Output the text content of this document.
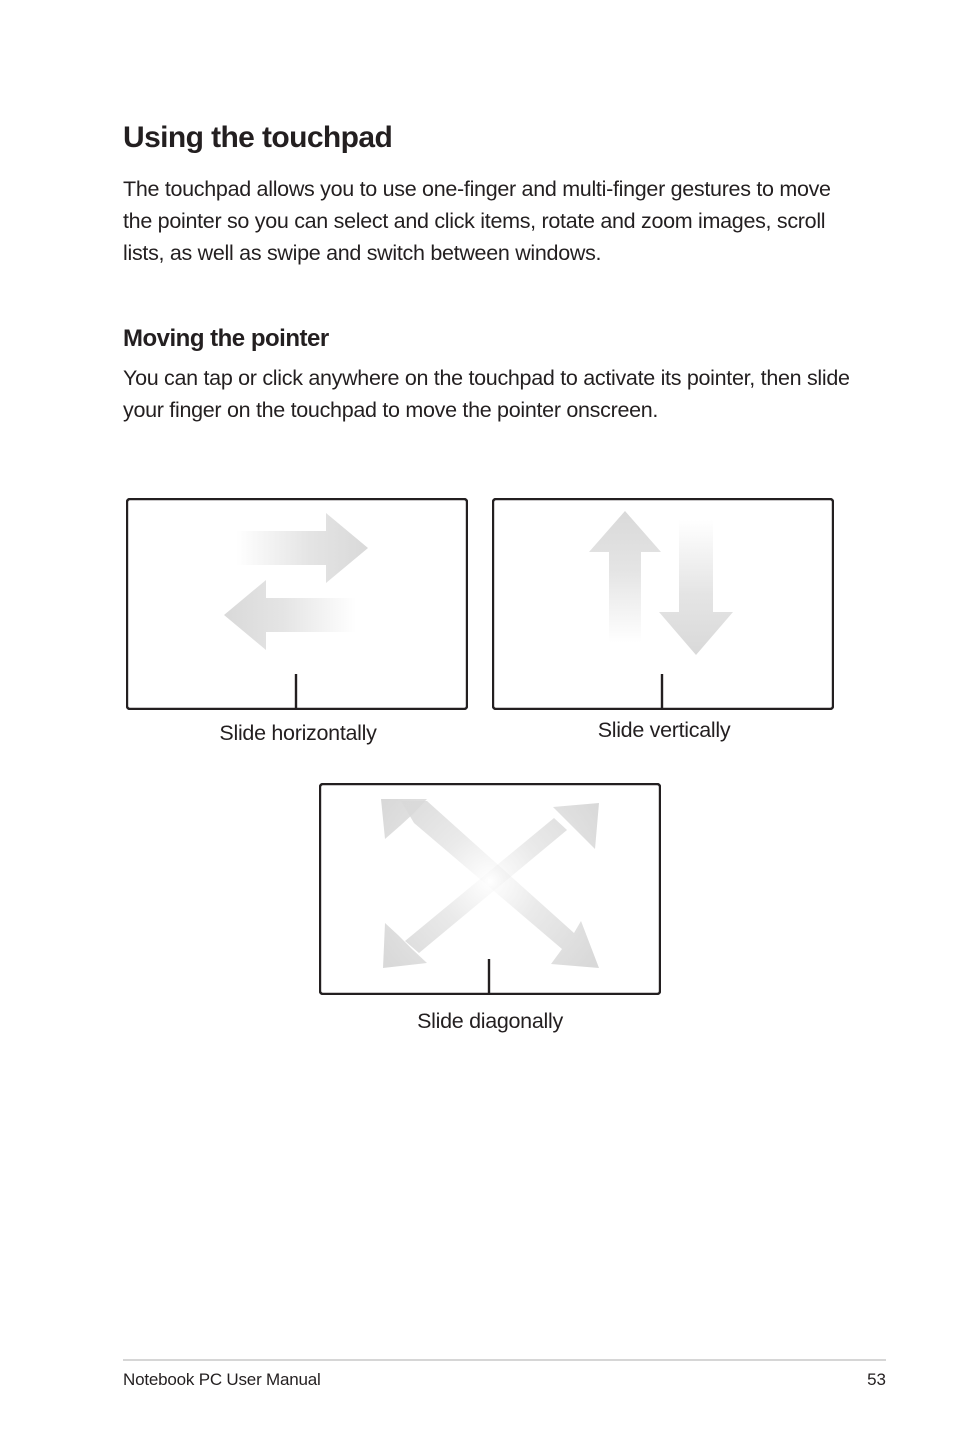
Using the touchpad

The touchpad allows you to use one-finger and multi-finger gestures to move the pointer so you can select and click items, rotate and zoom images, scroll lists, as well as swipe and switch between windows.

Moving the pointer

You can tap or click anywhere on the touchpad to activate its pointer, then slide your finger on the touchpad to move the pointer onscreen.

Slide horizontally	Slide vertically
Slide diagonally
Notebook PC User Manual	53
